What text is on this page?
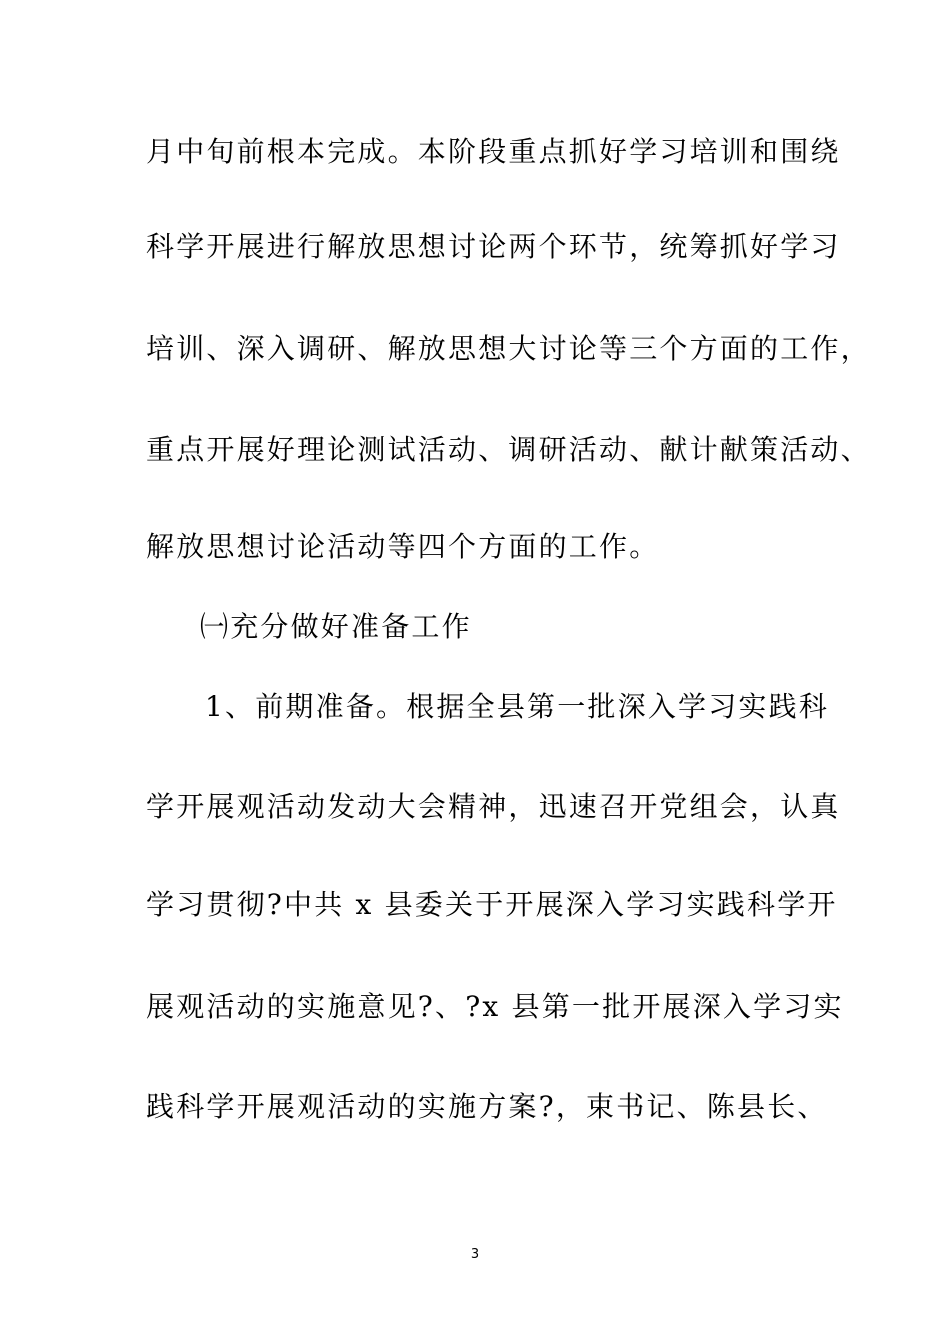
月中旬前根本完成。本阶段重点抓好学习培训和围绕
科学开展进行解放思想讨论两个环节，统筹抓好学习
培训、深入调研、解放思想大讨论等三个方面的工作，
重点开展好理论测试活动、调研活动、献计献策活动、
解放思想讨论活动等四个方面的工作。
㈠充分做好准备工作
1、前期准备。根据全县第一批深入学习实践科
学开展观活动发动大会精神，迅速召开党组会，认真
学习贯彻?中共 x 县委关于开展深入学习实践科学开
展观活动的实施意见?、?x 县第一批开展深入学习实
践科学开展观活动的实施方案?，束书记、陈县长、
3
